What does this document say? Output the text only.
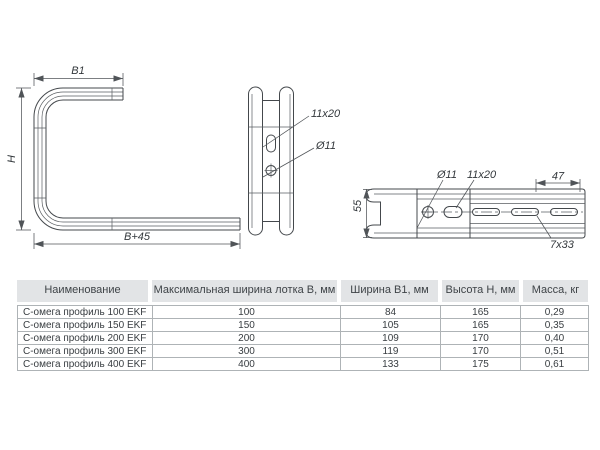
B1
H
B+45
11x20
Ø11
Ø11 11x20	47
7x33
55
Наименование	Максимальная ширина лотка B, мм	Ширина B1, мм	Высота H, мм	Масса, кг
С-омега профиль 100 EKF	100	84	165	0,29
С-омега профиль 150 EKF	150	105	165	0,35
С-омега профиль 200 EKF	200	109	170	0,40
С-омега профиль 300 EKF	300	119	170	0,51
С-омега профиль 400 EKF	400	133	175	0,61
